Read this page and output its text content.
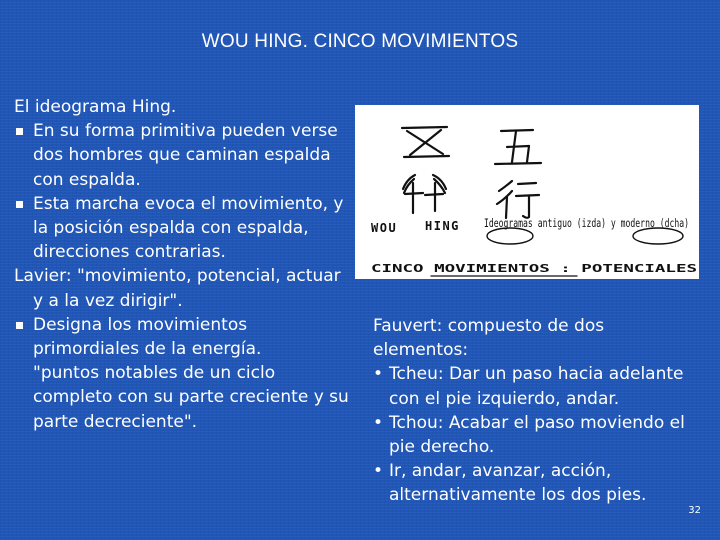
WOU HING. CINCO MOVIMIENTOS

El ideograma Hing.

En su forma primitiva pueden verse dos hombres que caminan espalda con espalda.
Esta marcha evoca el movimiento, y la posición espalda con espalda, direcciones contrarias.

Lavier: "movimiento, potencial, actuar y a la vez dirigir".

Designa los movimientos primordiales de la energía.

"puntos notables de un ciclo completo con su parte creciente y su parte decreciente".

WOU HING Ideogramas antiguo (izda) y moderno (dcha)
CINCO MOVIMIENTOS : POTENCIALES

Fauvert: compuesto de dos elementos:

• Tcheu: Dar un paso hacia adelante con el pie izquierdo, andar.
• Tchou: Acabar el paso moviendo el pie derecho.
• Ir, andar, avanzar, acción, alternativamente los dos pies.
32
